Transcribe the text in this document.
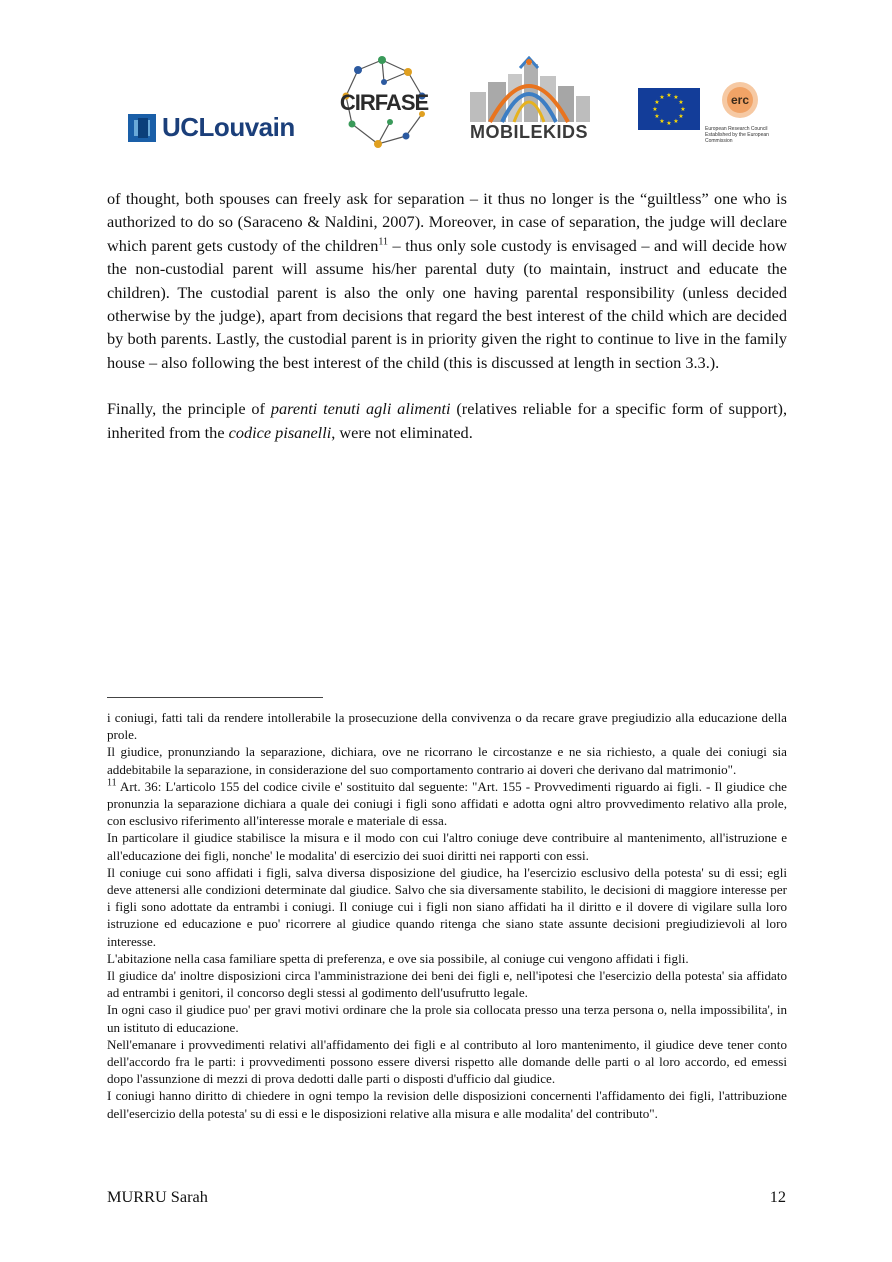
UCLouvain
CIRFASE
MOBILEKIDS
★ ★
★
★
★
★
★
★
★
★
★
★	erc
European Research Council
Established by the European Commission

of thought, both spouses can freely ask for separation – it thus no longer is the “guiltless” one who is authorized to do so (Saraceno & Naldini, 2007). Moreover, in case of separation, the judge will declare which parent gets custody of the children$^{11}$ – thus only sole custody is envisaged – and will decide how the non-custodial parent will assume his/her parental duty (to maintain, instruct and educate the children). The custodial parent is also the only one having parental responsibility (unless decided otherwise by the judge), apart from decisions that regard the best interest of the child which are decided by both parents. Lastly, the custodial parent is in priority given the right to continue to live in the family house – also following the best interest of the child (this is discussed at length in section 3.3.).

Finally, the principle of parenti tenuti agli alimenti (relatives reliable for a specific form of support), inherited from the codice pisanelli, were not eliminated.

i coniugi, fatti tali da rendere intollerabile la prosecuzione della convivenza o da recare grave pregiudizio alla educazione della prole.

Il giudice, pronunziando la separazione, dichiara, ove ne ricorrano le circostanze e ne sia richiesto, a quale dei coniugi sia addebitabile la separazione, in considerazione del suo comportamento contrario ai doveri che derivano dal matrimonio".

$^{11}$ Art. 36: L'articolo 155 del codice civile e' sostituito dal seguente: "Art. 155 - Provvedimenti riguardo ai figli. - Il giudice che pronunzia la separazione dichiara a quale dei coniugi i figli sono affidati e adotta ogni altro provvedimento relativo alla prole, con esclusivo riferimento all'interesse morale e materiale di essa.

In particolare il giudice stabilisce la misura e il modo con cui l'altro coniuge deve contribuire al mantenimento, all'istruzione e all'educazione dei figli, nonche' le modalita' di esercizio dei suoi diritti nei rapporti con essi.

Il coniuge cui sono affidati i figli, salva diversa disposizione del giudice, ha l'esercizio esclusivo della potesta' su di essi; egli deve attenersi alle condizioni determinate dal giudice. Salvo che sia diversamente stabilito, le decisioni di maggiore interesse per i figli sono adottate da entrambi i coniugi. Il coniuge cui i figli non siano affidati ha il diritto e il dovere di vigilare sulla loro istruzione ed educazione e puo' ricorrere al giudice quando ritenga che siano state assunte decisioni pregiudizievoli al loro interesse.

L'abitazione nella casa familiare spetta di preferenza, e ove sia possibile, al coniuge cui vengono affidati i figli.

Il giudice da' inoltre disposizioni circa l'amministrazione dei beni dei figli e, nell'ipotesi che l'esercizio della potesta' sia affidato ad entrambi i genitori, il concorso degli stessi al godimento dell'usufrutto legale.

In ogni caso il giudice puo' per gravi motivi ordinare che la prole sia collocata presso una terza persona o, nella impossibilita', in un istituto di educazione.

Nell'emanare i provvedimenti relativi all'affidamento dei figli e al contributo al loro mantenimento, il giudice deve tener conto dell'accordo fra le parti: i provvedimenti possono essere diversi rispetto alle domande delle parti o al loro accordo, ed emessi dopo l'assunzione di mezzi di prova dedotti dalle parti o disposti d'ufficio dal giudice.

I coniugi hanno diritto di chiedere in ogni tempo la revision delle disposizioni concernenti l'affidamento dei figli, l'attribuzione dell'esercizio della potesta' su di essi e le disposizioni relative alla misura e alle modalita' del contributo".

MURRU Sarah	12
